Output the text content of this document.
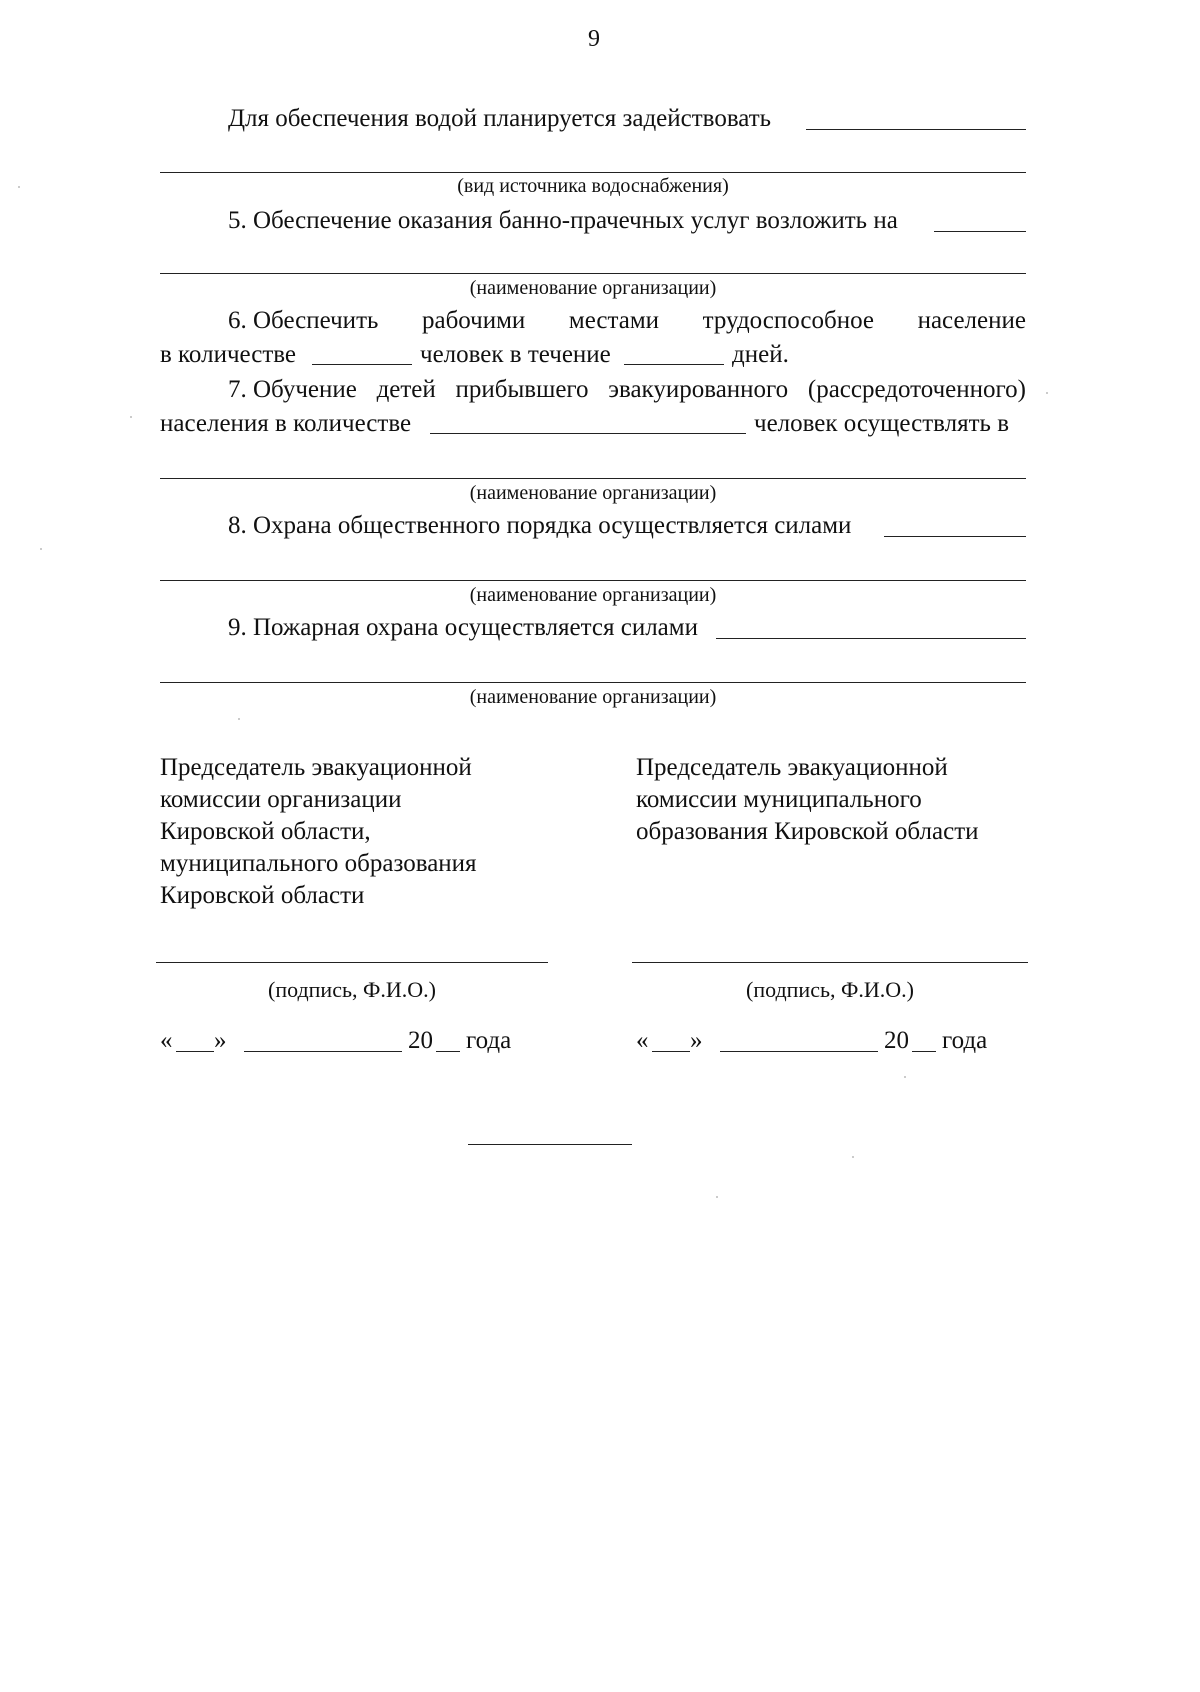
9
Для обеспечения водой планируется задействовать
(вид источника водоснабжения)
5. Обеспечение оказания банно-прачечных услуг возложить на
(наименование организации)
6. Обеспечить рабочими местами трудоспособное население
в количестве	человек в течение	дней.
7. Обучение детей прибывшего эвакуированного (рассредоточенного)
населения в количестве	человек осуществлять в
(наименование организации)
8. Охрана общественного порядка осуществляется силами
(наименование организации)
9. Пожарная охрана осуществляется силами
(наименование организации)
Председатель эвакуационной
комиссии организации
Кировской области,
муниципального образования
Кировской области
Председатель эвакуационной
комиссии муниципального
образования Кировской области
(подпись, Ф.И.О.)	(подпись, Ф.И.О.)
« »	20 года	« »	20 года
